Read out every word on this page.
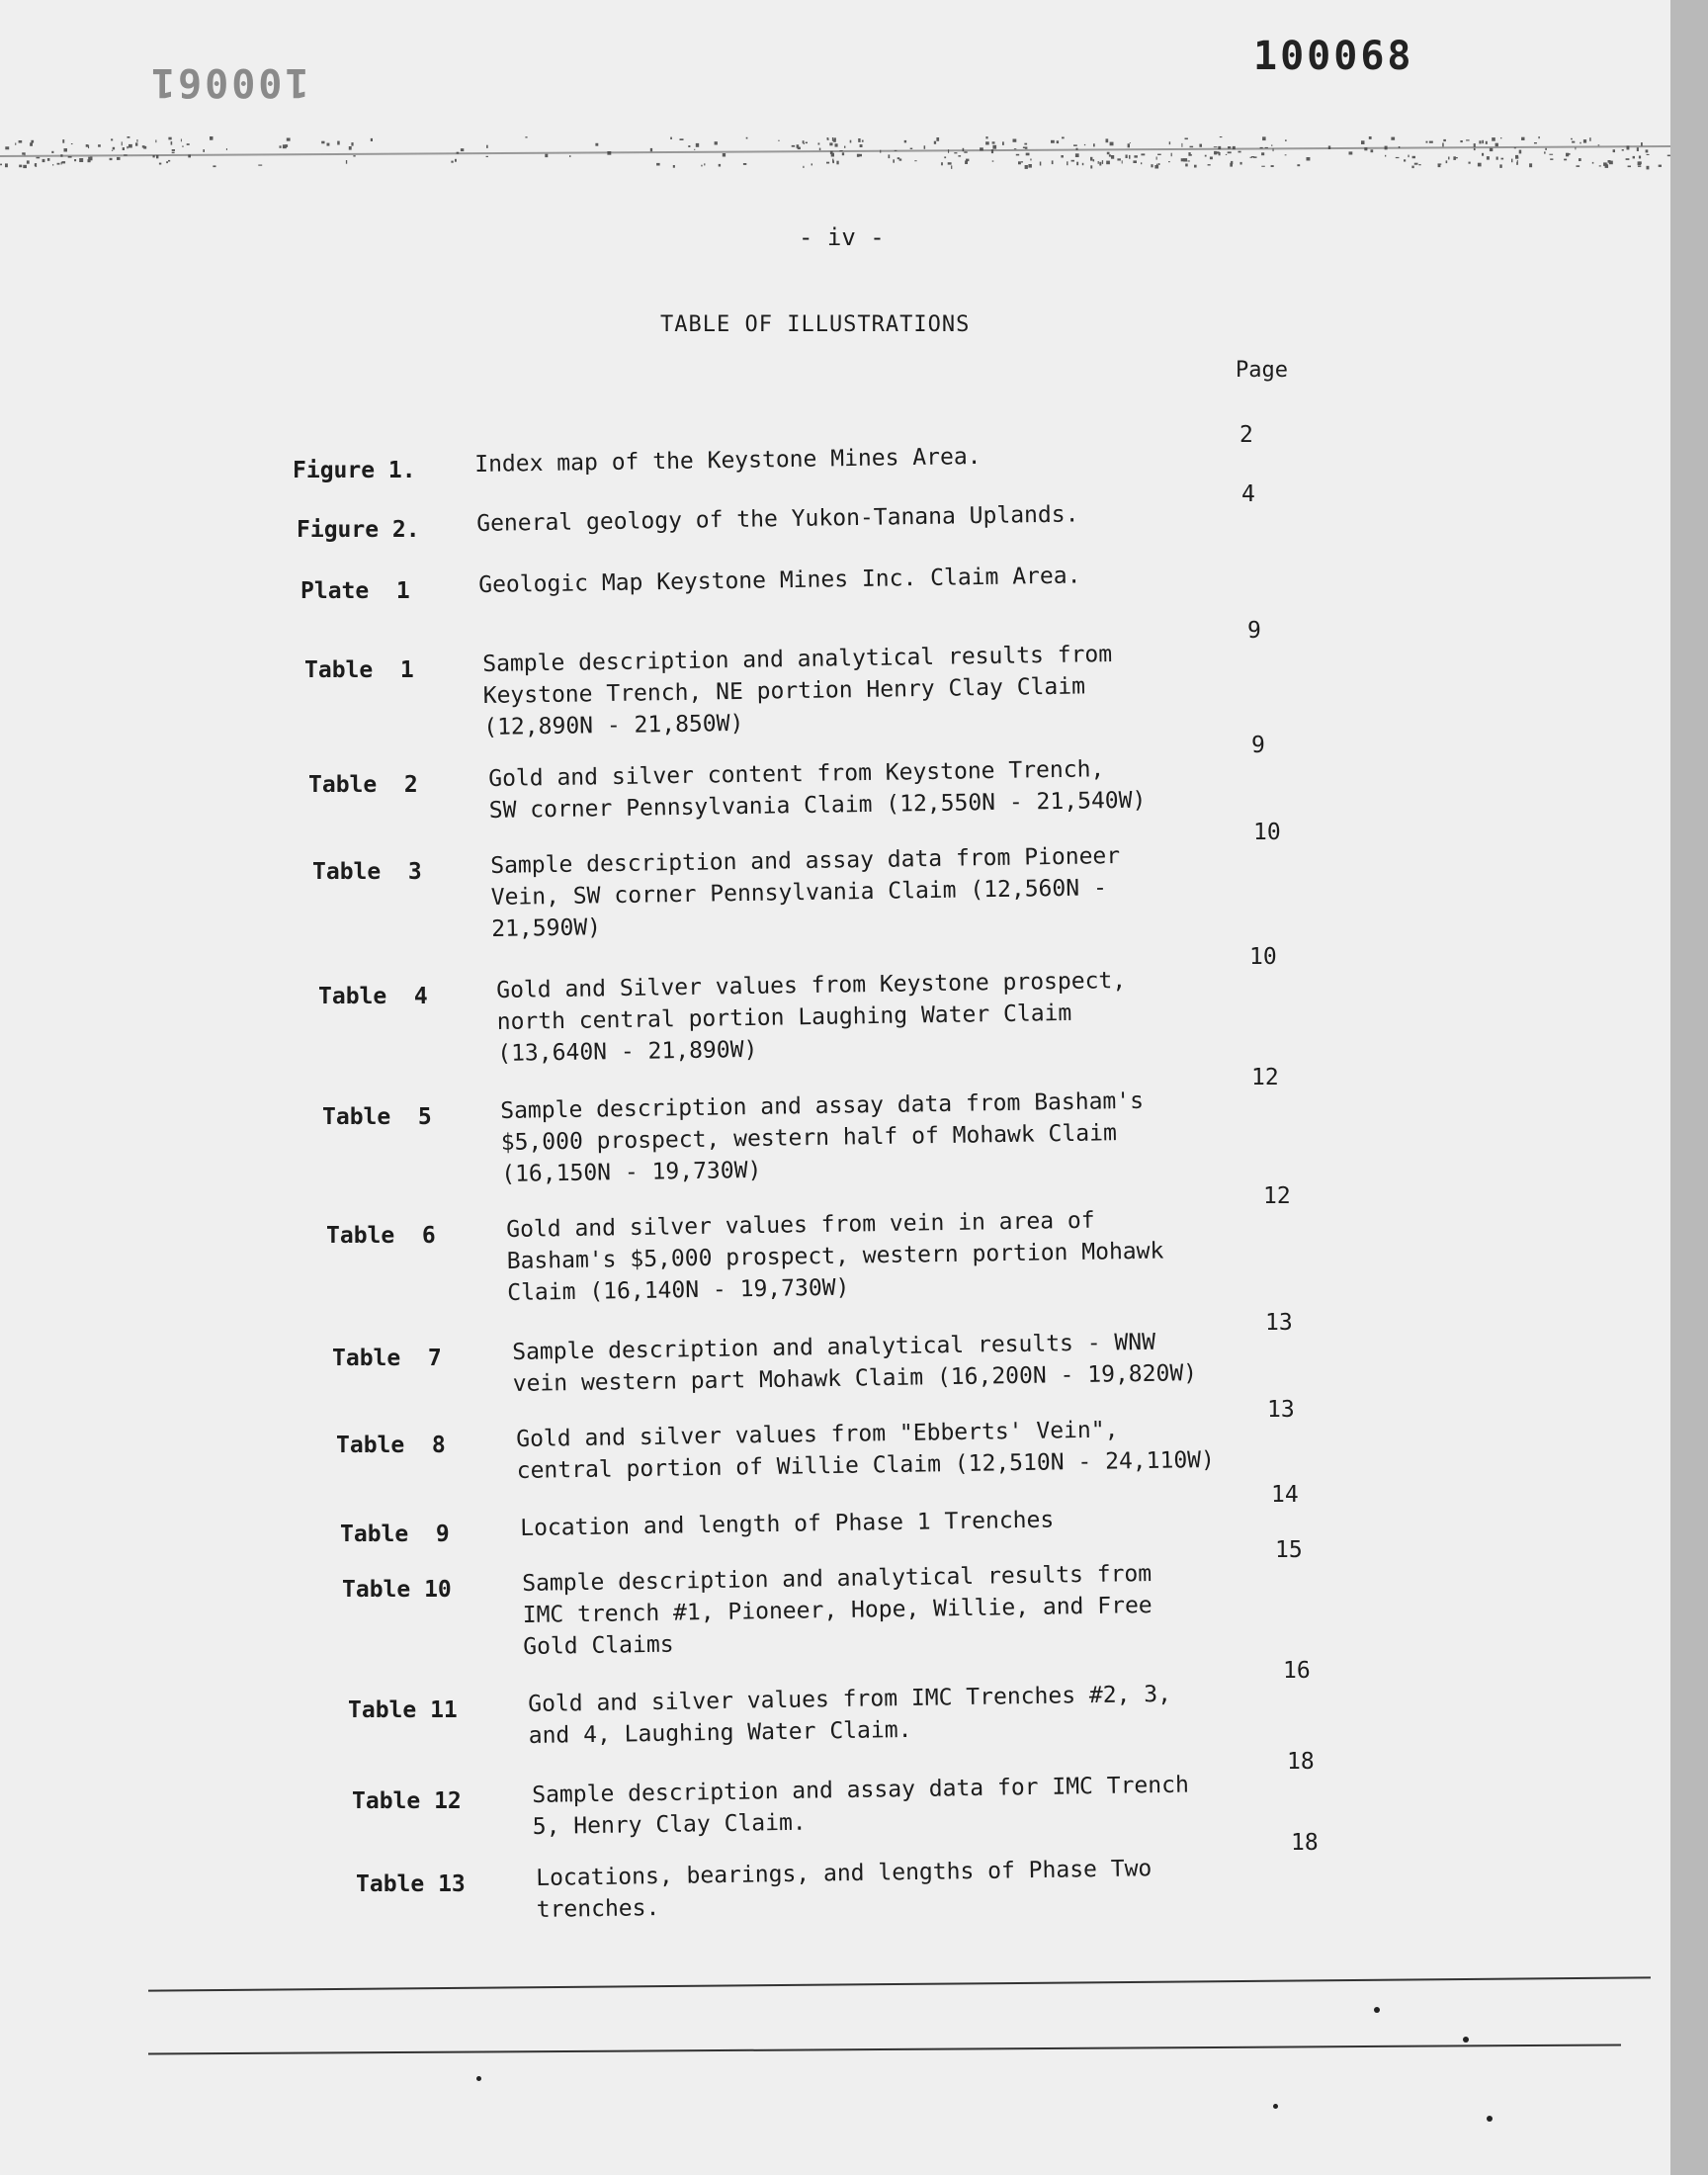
100061
100068
- iv -
TABLE OF ILLUSTRATIONS
Page
Figure 1.	Index map of the Keystone Mines Area.
2
Figure 2. General geology of the Yukon-Tanana Uplands.
4
Plate  1	Geologic Map Keystone Mines Inc. Claim Area.
Table  1	Sample description and analytical results from
Keystone Trench, NE portion Henry Clay Claim
(12,890N - 21,850W)
9
Table  2	Gold and silver content from Keystone Trench,
SW corner Pennsylvania Claim (12,550N - 21,540W)
9
Table  3	Sample description and assay data from Pioneer
Vein, SW corner Pennsylvania Claim (12,560N -
21,590W)
10
Table  4	Gold and Silver values from Keystone prospect,
north central portion Laughing Water Claim
(13,640N - 21,890W)
10
Table  5	Sample description and assay data from Basham's
$5,000 prospect, western half of Mohawk Claim
(16,150N - 19,730W)
12
Table  6	Gold and silver values from vein in area of
Basham's $5,000 prospect, western portion Mohawk
Claim (16,140N - 19,730W)
12
Table  7	Sample description and analytical results - WNW
vein western part Mohawk Claim (16,200N - 19,820W)
13
Table  8	Gold and silver values from "Ebberts' Vein",
central portion of Willie Claim (12,510N - 24,110W)
13
Table  9	Location and length of Phase 1 Trenches
14
Table 10	Sample description and analytical results from
IMC trench #1, Pioneer, Hope, Willie, and Free
Gold Claims
15
Table 11	Gold and silver values from IMC Trenches #2, 3,
and 4, Laughing Water Claim.
16
Table 12	Sample description and assay data for IMC Trench
5, Henry Clay Claim.
18
Table 13	Locations, bearings, and lengths of Phase Two
trenches.
18
